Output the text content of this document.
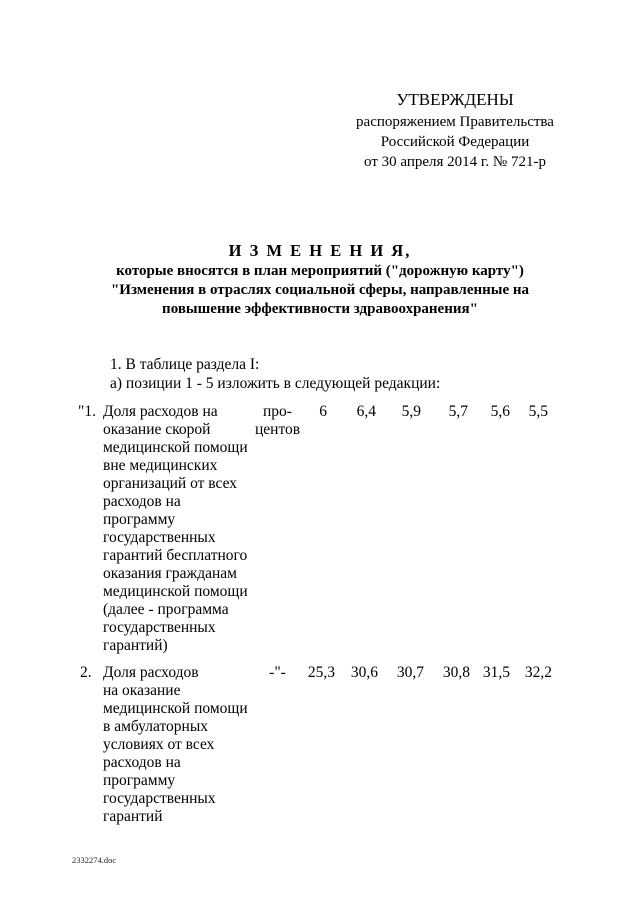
УТВЕРЖДЕНЫ
распоряжением Правительства
Российской Федерации
от 30 апреля 2014 г. № 721-р
И З М Е Н Е Н И Я,
которые вносятся в план мероприятий ("дорожную карту")
"Изменения в отраслях социальной сферы, направленные на
повышение эффективности здравоохранения"
1. В таблице раздела I:
а) позиции 1 - 5 изложить в следующей редакции:
"1. Доля расходов на
оказание скорой
медицинской помощи
вне медицинских
организаций от всех
расходов на
программу
государственных
гарантий бесплатного
оказания гражданам
медицинской помощи
(далее - программа
государственных
гарантий)
про-
центов
6 6,4 5,9 5,7 5,6 5,5
2. Доля расходов
на оказание
медицинской помощи
в амбулаторных
условиях от всех
расходов на
программу
государственных
гарантий
-"-	25,3 30,6 30,7 30,8 31,5 32,2
2332274.doc
